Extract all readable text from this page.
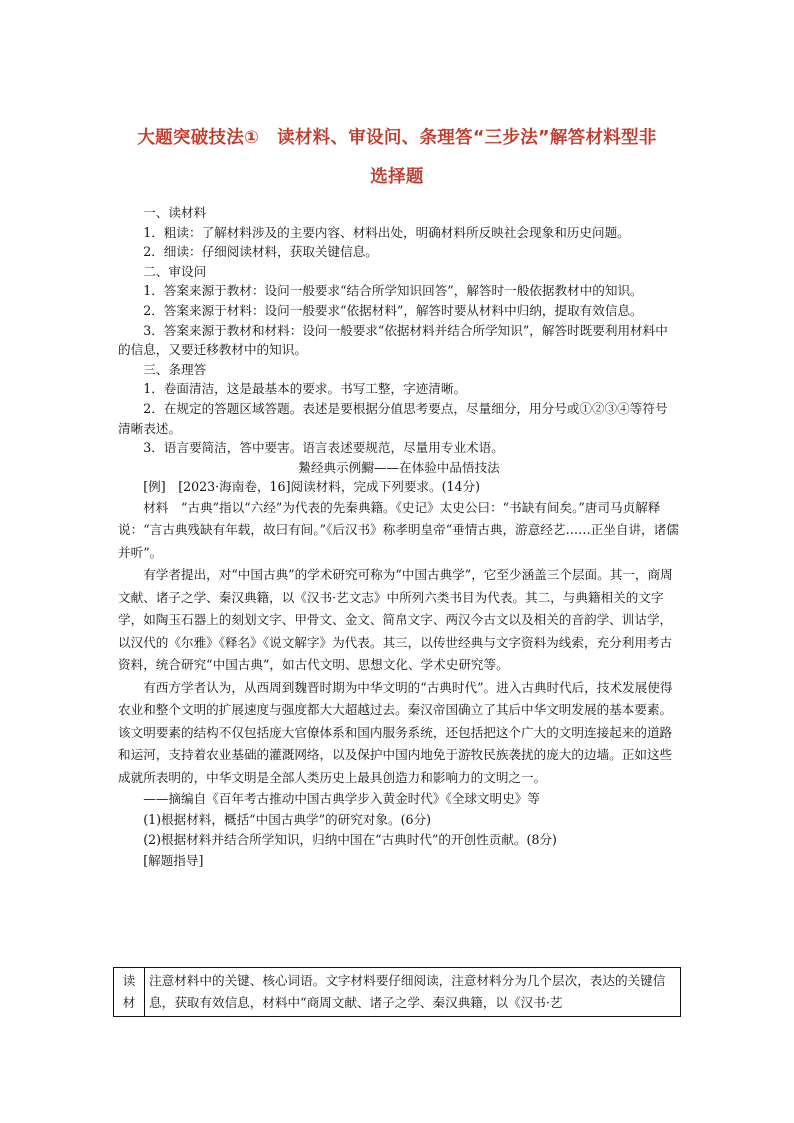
大题突破技法①　读材料、审设问、条理答“三步法”解答材料型非
选择题

一、读材料

1．粗读：了解材料涉及的主要内容、材料出处，明确材料所反映社会现象和历史问题。

2．细读：仔细阅读材料，获取关键信息。

二、审设问

1．答案来源于教材：设问一般要求“结合所学知识回答”，解答时一般依据教材中的知识。

2．答案来源于材料：设问一般要求“依据材料”，解答时要从材料中归纳，提取有效信息。

3．答案来源于教材和材料：设问一般要求“依据材料并结合所学知识”，解答时既要利用材料中的信息，又要迁移教材中的知识。

三、条理答

1．卷面清洁，这是最基本的要求。书写工整，字迹清晰。

2．在规定的答题区域答题。表述是要根据分值思考要点，尽量细分，用分号或①②③④等符号清晰表述。

3．语言要简洁，答中要害。语言表述要规范，尽量用专业术语。

䲀经典示例䲁——在体验中品悟技法

[例]　[2023·海南卷，16]阅读材料，完成下列要求。(14分)

材料　“古典”指以“六经”为代表的先秦典籍。《史记》太史公曰：“书缺有间矣。”唐司马贞解释说：“言古典残缺有年载，故曰有间。”《后汉书》称孝明皇帝“垂情古典，游意经艺……正坐自讲，诸儒并听”。

有学者提出，对“中国古典”的学术研究可称为“中国古典学”，它至少涵盖三个层面。其一，商周文献、诸子之学、秦汉典籍，以《汉书·艺文志》中所列六类书目为代表。其二，与典籍相关的文字学，如陶玉石器上的刻划文字、甲骨文、金文、简帛文字、两汉今古文以及相关的音韵学、训诂学，以汉代的《尔雅》《释名》《说文解字》为代表。其三，以传世经典与文字资料为线索，充分利用考古资料，统合研究“中国古典”，如古代文明、思想文化、学术史研究等。

有西方学者认为，从西周到魏晋时期为中华文明的“古典时代”。进入古典时代后，技术发展使得农业和整个文明的扩展速度与强度都大大超越过去。秦汉帝国确立了其后中华文明发展的基本要素。该文明要素的结构不仅包括庞大官僚体系和国内服务系统，还包括把这个广大的文明连接起来的道路和运河，支持着农业基础的灌溉网络，以及保护中国内地免于游牧民族袭扰的庞大的边墙。正如这些成就所表明的，中华文明是全部人类历史上最具创造力和影响力的文明之一。

——摘编自《百年考古推动中国古典学步入黄金时代》《全球文明史》等

(1)根据材料，概括“中国古典学”的研究对象。(6分)

(2)根据材料并结合所学知识，归纳中国在“古典时代”的开创性贡献。(8分)

[解题指导]

读材	注意材料中的关键、核心词语。文字材料要仔细阅读，注意材料分为几个层次，表达的关键信息，获取有效信息，材料中“商周文献、诸子之学、秦汉典籍，以《汉书·艺
